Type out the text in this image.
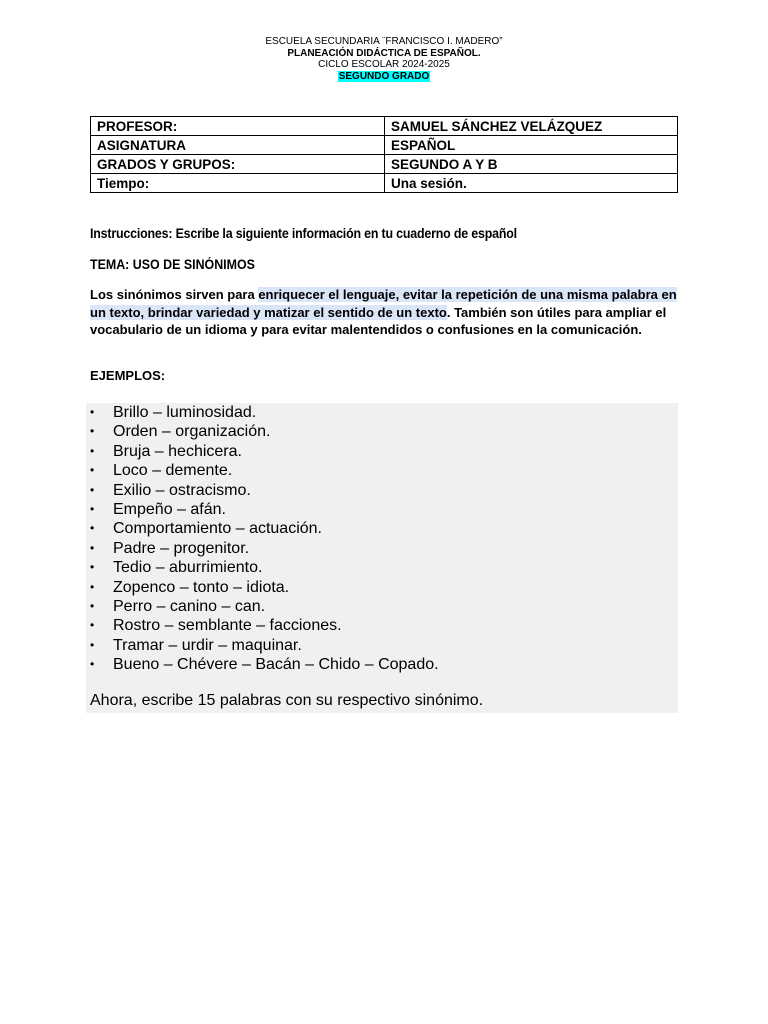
ESCUELA SECUNDARIA ¨FRANCISCO I. MADERO”
PLANEACIÓN DIDÁCTICA DE ESPAÑOL.
CICLO ESCOLAR 2024-2025
SEGUNDO GRADO
PROFESOR:	SAMUEL SÁNCHEZ VELÁZQUEZ
ASIGNATURA	ESPAÑOL
GRADOS Y GRUPOS:	SEGUNDO A Y B
Tiempo:	Una sesión.
Instrucciones: Escribe la siguiente información en tu cuaderno de español
TEMA: USO DE SINÓNIMOS
Los sinónimos sirven para enriquecer el lenguaje, evitar la repetición de una misma palabra en un texto, brindar variedad y matizar el sentido de un texto. También son útiles para ampliar el vocabulario de un idioma y para evitar malentendidos o confusiones en la comunicación.
EJEMPLOS:
• Brillo – luminosidad.
• Orden – organización.
• Bruja – hechicera.
• Loco – demente.
• Exilio – ostracismo.
• Empeño – afán.
• Comportamiento – actuación.
• Padre – progenitor.
• Tedio – aburrimiento.
• Zopenco – tonto – idiota.
• Perro – canino – can.
• Rostro – semblante – facciones.
• Tramar – urdir – maquinar.
• Bueno – Chévere – Bacán – Chido – Copado.
Ahora, escribe 15 palabras con su respectivo sinónimo.
